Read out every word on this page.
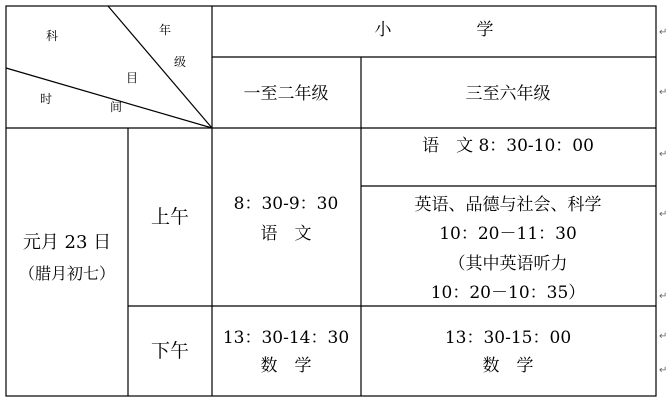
科	年
级
目
时
间
小　　　　　学
一至二年级	三至六年级
元月 23 日
（腊月初七）
上午
下午
8：30-9：30
语　文
语　文 8：30-10：00
英语、品德与社会、科学
10：20－11：30
（其中英语听力
10：20－10：35）
13：30-14：30
数　学
13：30-15：00
数　学
↵
↵
↵
↵
↵
↵
↵
